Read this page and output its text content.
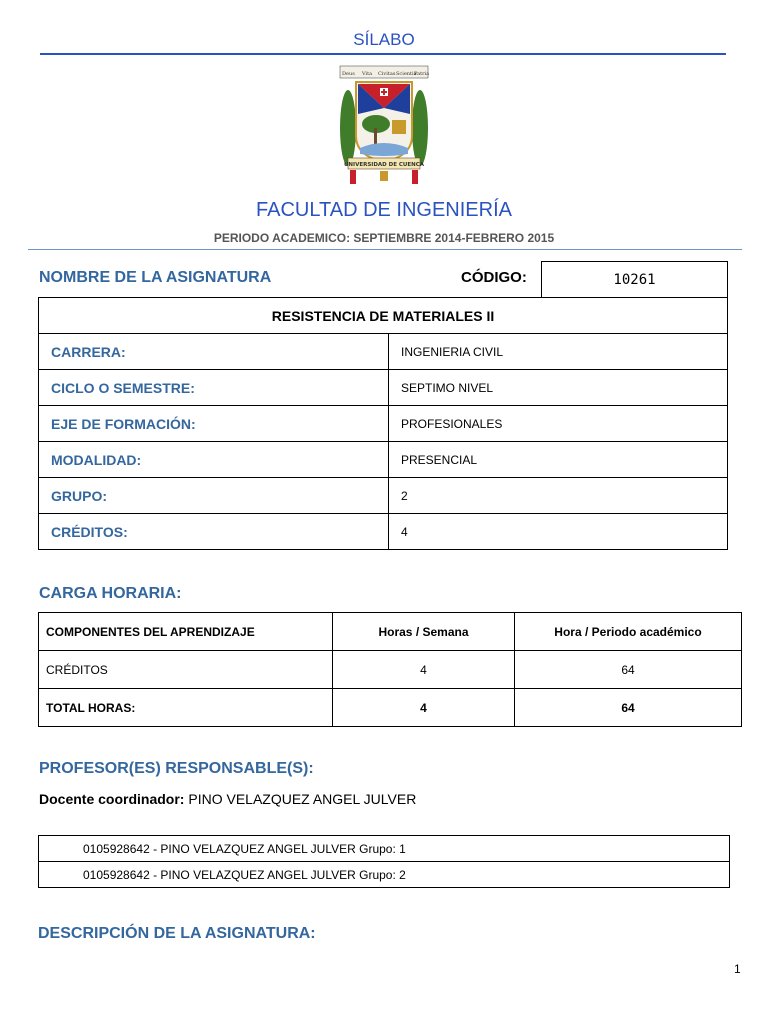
SÍLABO
Deus Vita Civitas Scientia
Patria
UNIVERSIDAD DE CUENCA
FACULTAD DE INGENIERÍA
PERIODO ACADEMICO: SEPTIEMBRE 2014-FEBRERO 2015
NOMBRE DE LA ASIGNATURA	CÓDIGO:	10261
RESISTENCIA DE MATERIALES II	
CARRERA:	INGENIERIA CIVIL
CICLO O SEMESTRE:	SEPTIMO NIVEL
EJE DE FORMACIÓN:	PROFESIONALES
MODALIDAD:	PRESENCIAL
GRUPO:	2
CRÉDITOS:	4
CARGA HORARIA:
COMPONENTES DEL APRENDIZAJE	Horas / Semana	Hora / Periodo académico
CRÉDITOS	4	64
TOTAL HORAS:	4	64
PROFESOR(ES) RESPONSABLE(S):
Docente coordinador: PINO VELAZQUEZ ANGEL JULVER
0105928642 - PINO VELAZQUEZ ANGEL JULVER Grupo: 1
0105928642 - PINO VELAZQUEZ ANGEL JULVER Grupo: 2
DESCRIPCIÓN DE LA ASIGNATURA:
1
